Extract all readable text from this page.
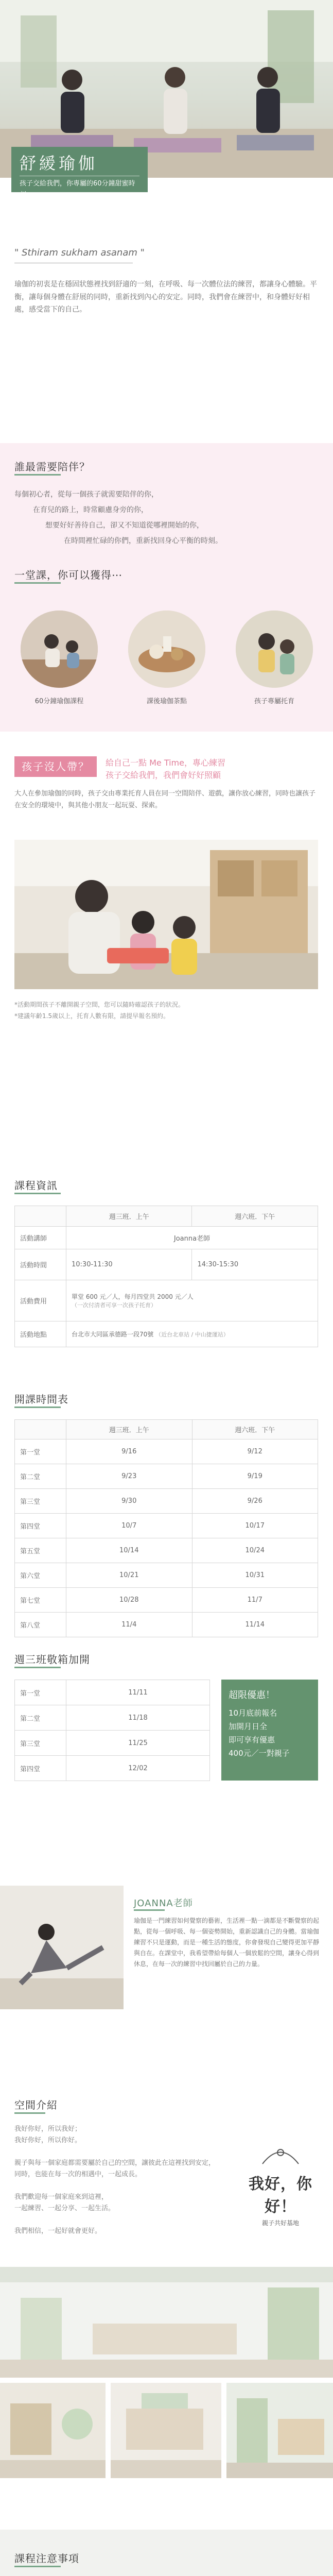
舒緩瑜伽
孩子交給我們，你專屬的60分鐘甜蜜時刻
" Sthiram sukham asanam "

瑜伽的初衷是在穩固狀態裡找到舒適的一刻，在呼吸、每一次體位法的練習，都讓身心體驗。平衡，讓每個身體在舒展的同時，重新找到內心的安定。同時，我們會在練習中，和身體好好相處，感受當下的自己。

誰最需要陪伴？
每個初心者，從每一個孩子就需要陪伴的你，
在育兒的路上，時常顧慮身旁的你，
想要好好善待自己，卻又不知道從哪裡開始的你，
在時間裡忙碌的你們，重新找回身心平衡的時刻。
一堂課，你可以獲得⋯
60分鐘瑜伽課程	課後瑜伽茶點	孩子專屬托育
孩子沒人帶？	給自己一點 Me Time，專心練習
孩子交給我們，我們會好好照顧

大人在參加瑜伽的同時，孩子交由專業托育人員在同一空間陪伴、遊戲，讓你放心練習，同時也讓孩子在安全的環境中，與其他小朋友一起玩耍、探索。

*活動期間孩子不離開親子空間，您可以隨時確認孩子的狀況。
*建議年齡1.5歲以上，托育人數有限，請提早報名預約。
課程資訊
	週三班．上午	週六班．下午
活動講師	Joanna老師	
活動時間	10:30-11:30	14:30-15:30
活動費用	單堂 600 元／人，每月四堂共 2000 元／人
（一次付清者可享一次孩子托育）	

活動地點	台北市大同區承德路一段70號 （近台北車站 / 中山捷運站）	
開課時間表
	週三班．上午	週六班．下午
第一堂	9/16	9/12
第二堂	9/23	9/19
第三堂	9/30	9/26
第四堂	10/7	10/17
第五堂	10/14	10/24
第六堂	10/21	10/31
第七堂	10/28	11/7
第八堂	11/4	11/14
週三班敬箱加開
第一堂	11/11
第二堂	11/18
第三堂	11/25
第四堂	12/02
超限優惠！
10月底前報名
加開月日全
即可享有優惠
400元／一對親子
JOANNA老師

瑜伽是一門練習如何覺察的藝術，生活裡一點一滴都是不斷覺察的起點，從每一個呼吸、每一個姿勢開始，重新認識自己的身體。當瑜伽練習不只是運動，而是一種生活的態度，你會發現自己變得更加平靜與自在。在課堂中，我希望帶給每個人一個放鬆的空間，讓身心得到休息，在每一次的練習中找回屬於自己的力量。

空間介紹
我好你好，所以我好；
我好你好，所以你好。
親子與每一個家庭都需要屬於自己的空間，讓彼此在這裡找到安定，
同時，也能在每一次的相遇中，一起成長。
我們歡迎每一個家庭來到這裡，
一起練習、一起分享、一起生活。
我們相信，一起好就會更好。
我好，你好！
親子共好基地
課程注意事項
